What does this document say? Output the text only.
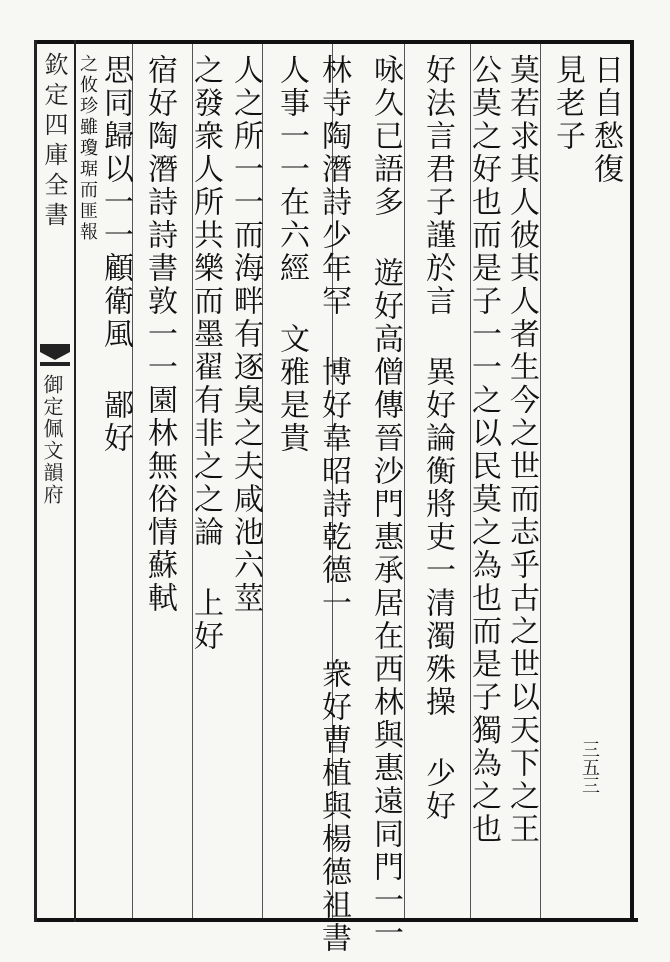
欽定四庫全書
御定佩文韻府
日自愁復
見老子
莫若求其人彼其人者生今之世而志乎古之世以天下之王
公莫之好也而是子一一之以民莫之為也而是子獨為之也
好法言君子謹於言 異好論衡將吏一清濁殊操 少好
咏久已語多 遊好高僧傳晉沙門惠承居在西林與惠遠同門一一
林寺陶潛詩少年罕 博好韋昭詩乾德一 衆好曹植與楊德祖書
人事一一在六經 文雅是貴
人之所一一而海畔有逐臭之夫咸池六莖
之發衆人所共樂而墨翟有非之之論 上好
宿好陶潛詩詩書敦一一園林無俗情蘇軾
思同歸以一一顧衛風 鄙好
之攸珍雖瓊琚而匪報
三五三
